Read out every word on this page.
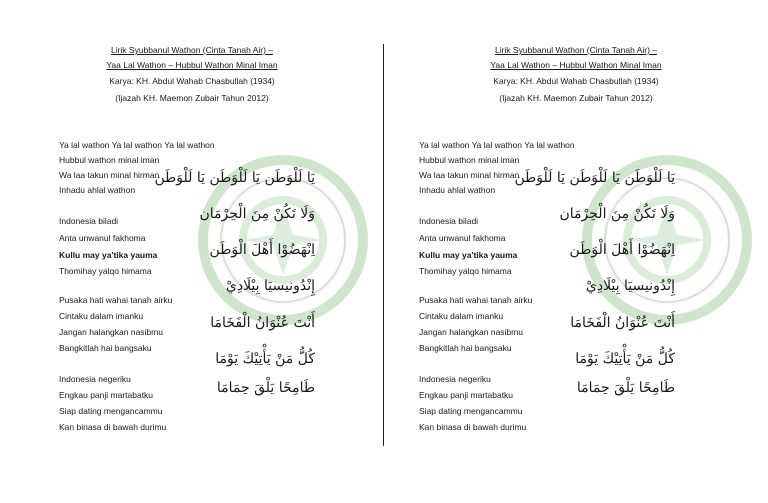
Lirik Syubbanul Wathon (Cinta Tanah Air) –
Yaa Lal Wathon – Hubbul Wathon Minal Iman
Karya: KH. Abdul Wahab Chasbullah (1934)
(Ijazah KH. Maemon Zubair Tahun 2012)
Ya lal wathon Ya lal wathon Ya lal wathon
Hubbul wathon minal iman
Wa laa takun minal hirman
Inhadu ahlal wathon
Indonesia biladi
Anta unwanul fakhoma
Kullu may ya'tika yauma
Thomihay yalqo himama
Pusaka hati wahai tanah airku
Cintaku dalam imanku
Jangan halangkan nasibmu
Bangkitlah hai bangsaku
Indonesia negeriku
Engkau panji martabatku
Siap dating mengancammu
Kan binasa di bawah durimu
يَا لَلْوَطَن يَا لَلْوَطَن يَا لَلْوَطَن
وَلَا تَكُنْ مِنَ الْحِرْمَان
اِنْهَضُوْا أَهْلَ الْوَطَن
إِنْدُونيسيَا بِيْلَادِيْ
أَنْتَ عُنْوَانُ الْفَخَامَا
كُلُّ مَنْ يَأْتِيْكَ يَوْمَا
طَامِحًا يَلْقَ حِمَامَا
Lirik Syubbanul Wathon (Cinta Tanah Air) –
Yaa Lal Wathon – Hubbul Wathon Minal Iman
Karya: KH. Abdul Wahab Chasbullah (1934)
(Ijazah KH. Maemon Zubair Tahun 2012)
Ya lal wathon Ya lal wathon Ya lal wathon
Hubbul wathon minal iman
Wa laa takun minal hirman
Inhadu ahlal wathon
Indonesia biladi
Anta unwanul fakhoma
Kullu may ya'tika yauma
Thomihay yalqo himama
Pusaka hati wahai tanah airku
Cintaku dalam imanku
Jangan halangkan nasibmu
Bangkitlah hai bangsaku
Indonesia negeriku
Engkau panji martabatku
Siap dating mengancammu
Kan binasa di bawah durimu
يَا لَلْوَطَن يَا لَلْوَطَن يَا لَلْوَطَن
وَلَا تَكُنْ مِنَ الْحِرْمَان
اِنْهَضُوْا أَهْلَ الْوَطَن
إِنْدُونيسيَا بِيْلَادِيْ
أَنْتَ عُنْوَانُ الْفَخَامَا
كُلُّ مَنْ يَأْتِيْكَ يَوْمَا
طَامِحًا يَلْقَ حِمَامَا
